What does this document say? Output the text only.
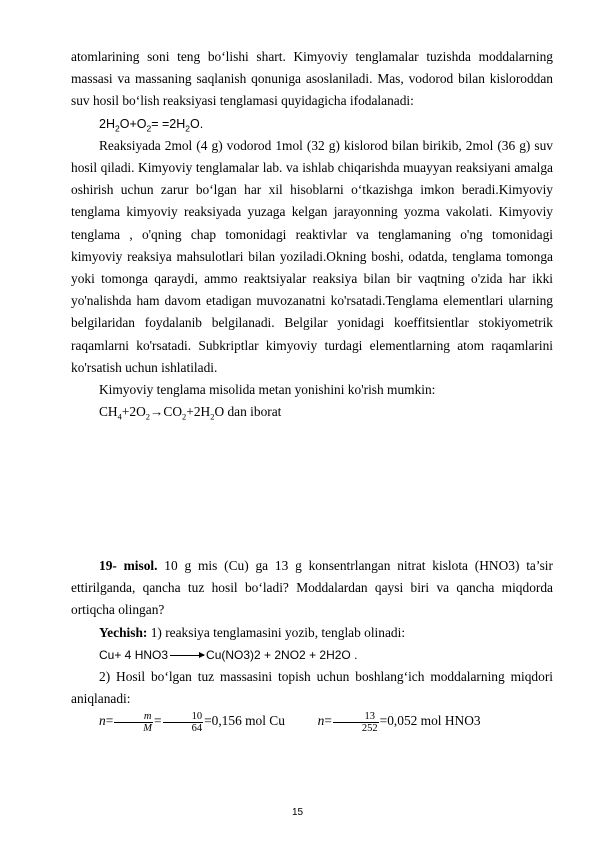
atomlarining soni teng bo‘lishi shart. Kimyoviy tenglamalar tuzishda moddalarning massasi va massaning saqlanish qonuniga asoslaniladi. Mas, vodorod bilan kisloroddan suv hosil bo‘lish reaksiyasi tenglamasi quyidagicha ifodalanadi:

$2H_2O+O_2= =2H_2O$.

Reaksiyada 2mol (4 g) vodorod 1mol (32 g) kislorod bilan birikib, 2mol (36 g) suv hosil qiladi. Kimyoviy tenglamalar lab. va ishlab chiqarishda muayyan reaksiyani amalga oshirish uchun zarur bo‘lgan har xil hisoblarni o‘tkazishga imkon beradi.Kimyoviy tenglama kimyoviy reaksiyada yuzaga kelgan jarayonning yozma vakolati. Kimyoviy tenglama , o'qning chap tomonidagi reaktivlar va tenglamaning o'ng tomonidagi kimyoviy reaksiya mahsulotlari bilan yoziladi.Okning boshi, odatda, tenglama tomonga yoki tomonga qaraydi, ammo reaktsiyalar reaksiya bilan bir vaqtning o'zida har ikki yo'nalishda ham davom etadigan muvozanatni ko'rsatadi.Tenglama elementlari ularning belgilaridan foydalanib belgilanadi. Belgilar yonidagi koeffitsientlar stokiyometrik raqamlarni ko'rsatadi. Subkriptlar kimyoviy turdagi elementlarning atom raqamlarini ko'rsatish uchun ishlatiladi.

Kimyoviy tenglama misolida metan yonishini ko'rish mumkin:

$CH_4+2O_2\to CO_2+2H_2O$ dan iborat

19- misol. 10 g mis (Cu) ga 13 g konsentrlangan nitrat kislota (HNO3) ta’sir ettirilganda, qancha tuz hosil bo‘ladi? Moddalardan qaysi biri va qancha miqdorda ortiqcha olingan?

Yechish: 1) reaksiya tenglamasini yozib, tenglab olinadi:

Cu+ 4 HNO3 → Cu(NO3)2 + 2NO2 + 2H2O .

2) Hosil bo‘lgan tuz massasini topish uchun boshlang‘ich moddalarning miqdori aniqlanadi:

$n= \frac{m}{M} = \frac{10}{64} =0,156$ mol Cu $n= \frac{13}{252} =0,052$ mol HNO3

15
